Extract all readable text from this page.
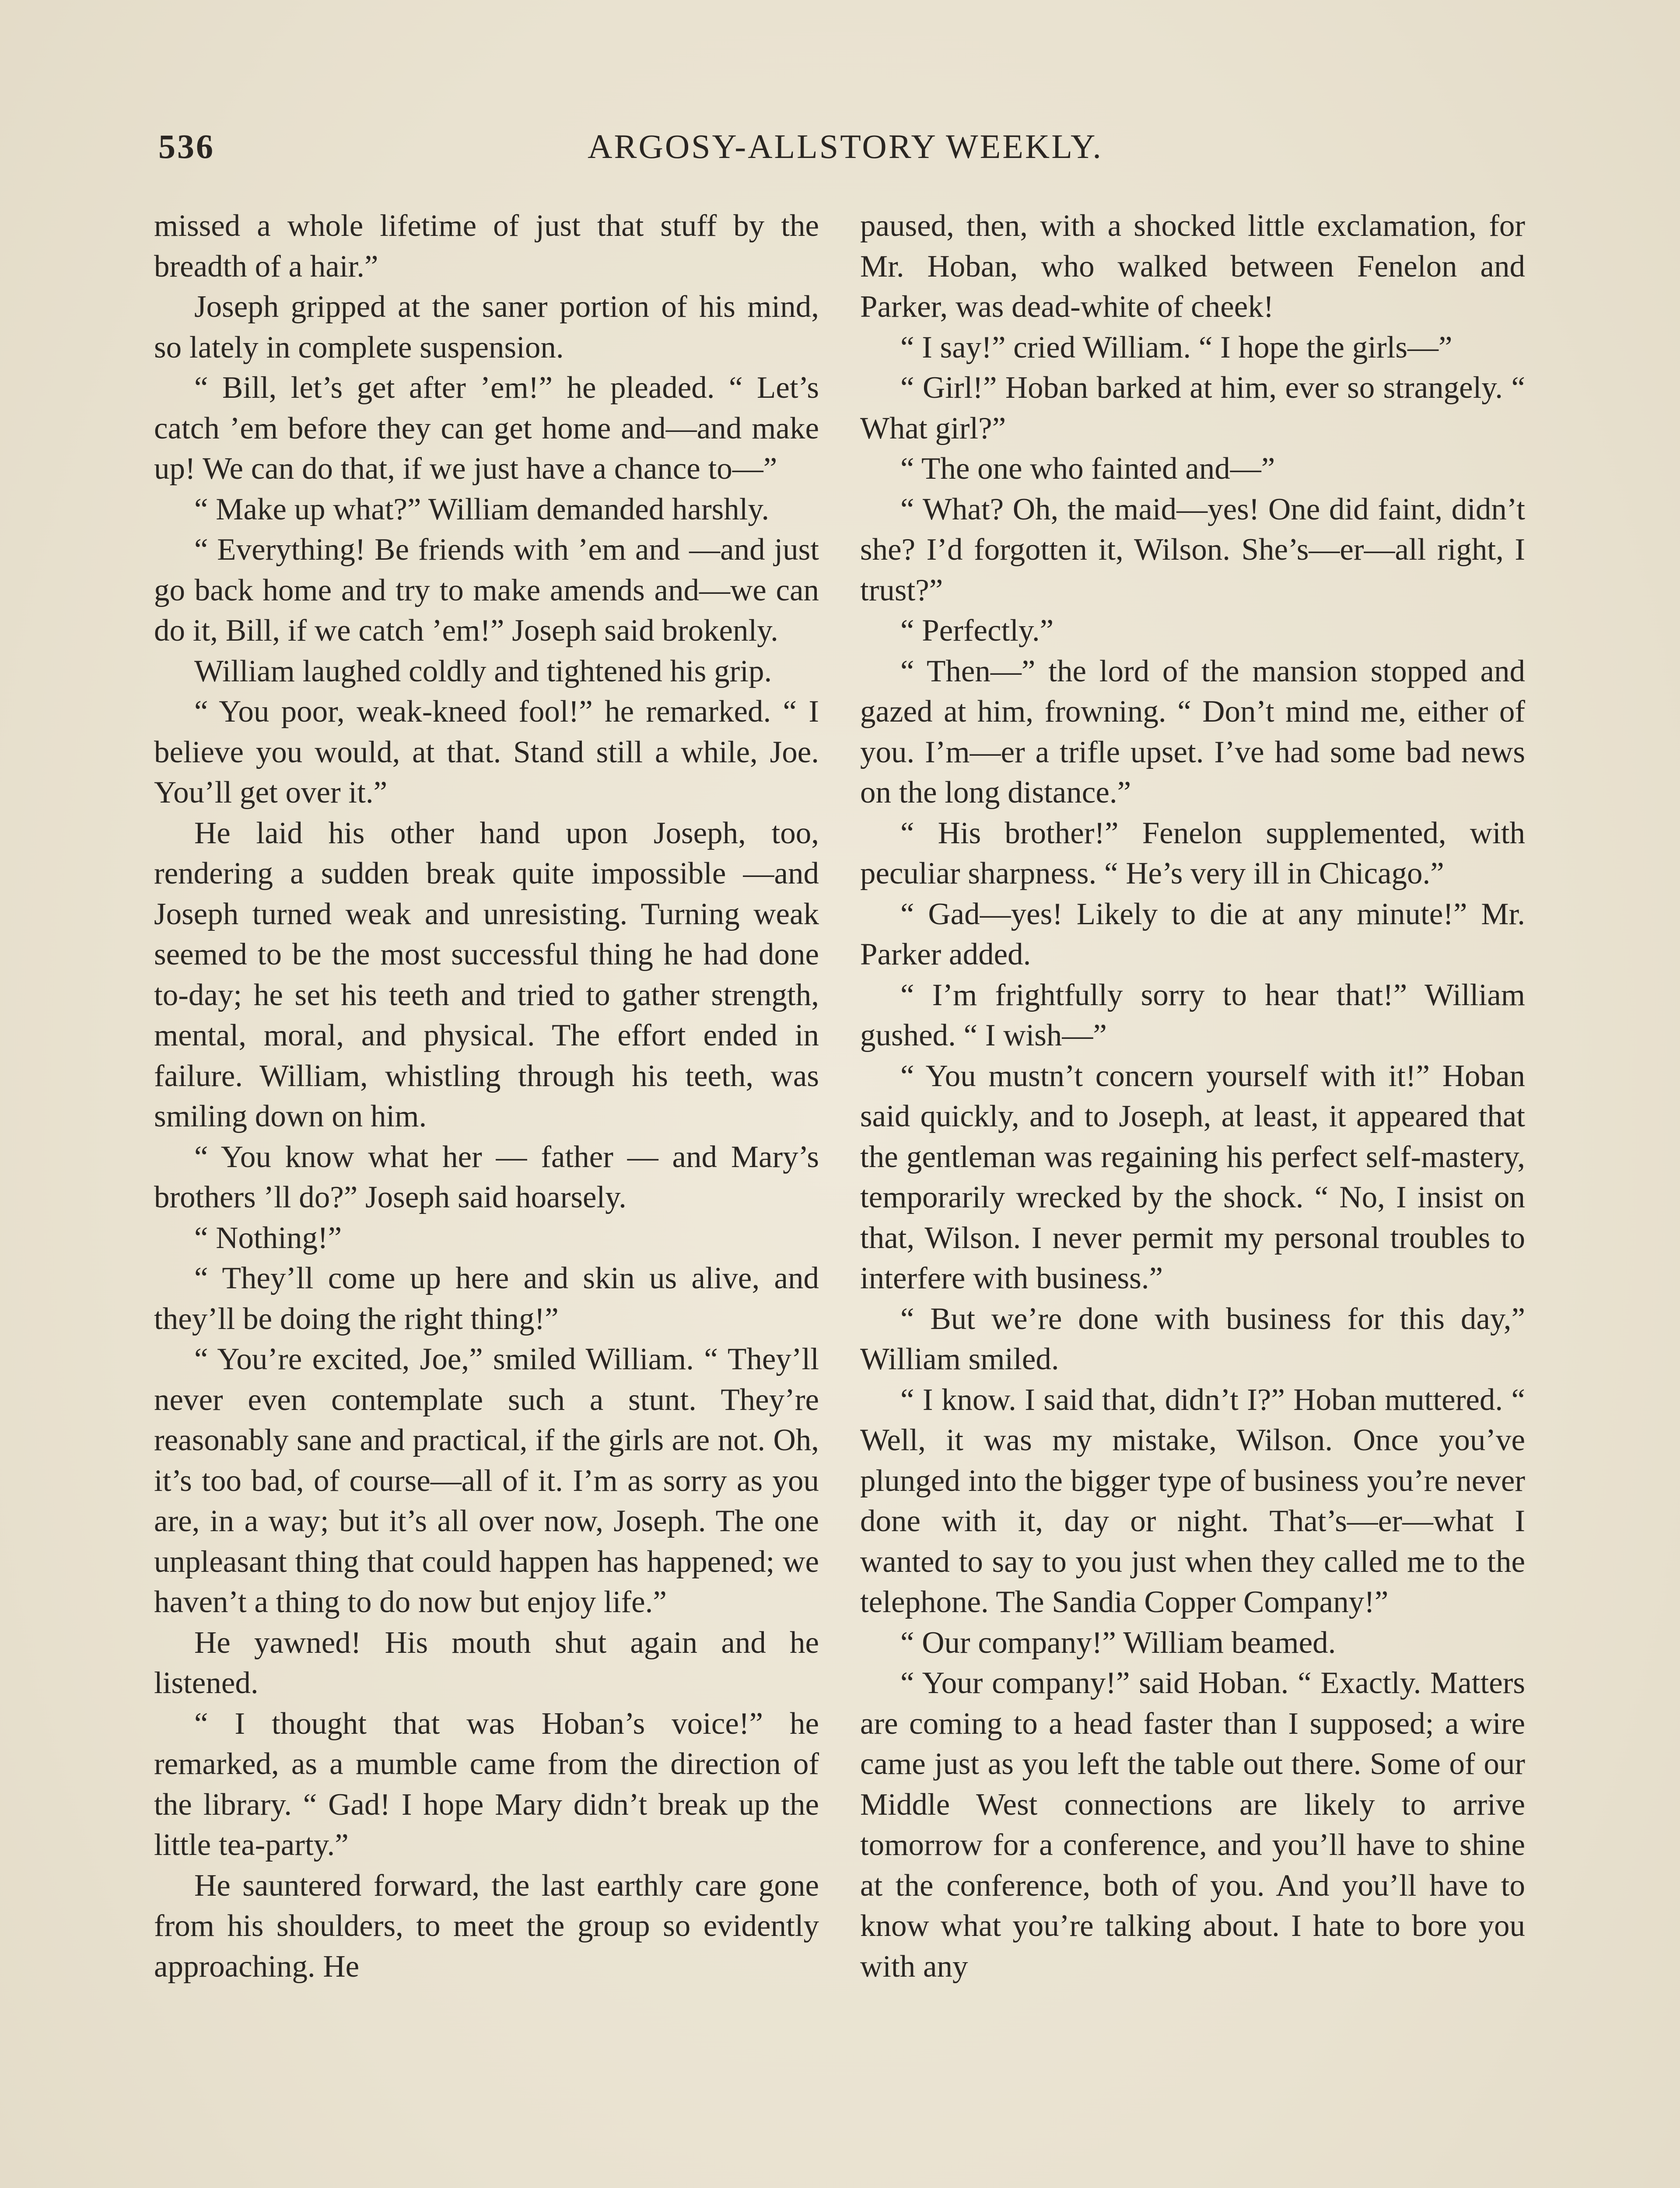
536	ARGOSY-ALLSTORY WEEKLY.

missed a whole lifetime of just that stuff by the breadth of a hair.”

Joseph gripped at the saner portion of his mind, so lately in complete suspension.

“ Bill, let’s get after ’em!” he pleaded. “ Let’s catch ’em before they can get home and—and make up! We can do that, if we just have a chance to—”

“ Make up what?” William demanded harshly.

“ Everything! Be friends with ’em and —and just go back home and try to make amends and—we can do it, Bill, if we catch ’em!” Joseph said brokenly.

William laughed coldly and tightened his grip.

“ You poor, weak-kneed fool!” he remarked. “ I believe you would, at that. Stand still a while, Joe. You’ll get over it.”

He laid his other hand upon Joseph, too, rendering a sudden break quite impossible —and Joseph turned weak and unresisting. Turning weak seemed to be the most successful thing he had done to-day; he set his teeth and tried to gather strength, mental, moral, and physical. The effort ended in failure. William, whistling through his teeth, was smiling down on him.

“ You know what her — father — and Mary’s brothers ’ll do?” Joseph said hoarsely.

“ Nothing!”

“ They’ll come up here and skin us alive, and they’ll be doing the right thing!”

“ You’re excited, Joe,” smiled William. “ They’ll never even contemplate such a stunt. They’re reasonably sane and practical, if the girls are not. Oh, it’s too bad, of course—all of it. I’m as sorry as you are, in a way; but it’s all over now, Joseph. The one unpleasant thing that could happen has happened; we haven’t a thing to do now but enjoy life.”

He yawned! His mouth shut again and he listened.

“ I thought that was Hoban’s voice!” he remarked, as a mumble came from the direction of the library. “ Gad! I hope Mary didn’t break up the little tea-party.”

He sauntered forward, the last earthly care gone from his shoulders, to meet the group so evidently approaching. He

paused, then, with a shocked little exclamation, for Mr. Hoban, who walked between Fenelon and Parker, was dead-white of cheek!

“ I say!” cried William. “ I hope the girls—”

“ Girl!” Hoban barked at him, ever so strangely. “ What girl?”

“ The one who fainted and—”

“ What? Oh, the maid—yes! One did faint, didn’t she? I’d forgotten it, Wilson. She’s—er—all right, I trust?”

“ Perfectly.”

“ Then—” the lord of the mansion stopped and gazed at him, frowning. “ Don’t mind me, either of you. I’m—er a trifle upset. I’ve had some bad news on the long distance.”

“ His brother!” Fenelon supplemented, with peculiar sharpness. “ He’s very ill in Chicago.”

“ Gad—yes! Likely to die at any minute!” Mr. Parker added.

“ I’m frightfully sorry to hear that!” William gushed. “ I wish—”

“ You mustn’t concern yourself with it!” Hoban said quickly, and to Joseph, at least, it appeared that the gentleman was regaining his perfect self-mastery, temporarily wrecked by the shock. “ No, I insist on that, Wilson. I never permit my personal troubles to interfere with business.”

“ But we’re done with business for this day,” William smiled.

“ I know. I said that, didn’t I?” Hoban muttered. “ Well, it was my mistake, Wilson. Once you’ve plunged into the bigger type of business you’re never done with it, day or night. That’s—er—what I wanted to say to you just when they called me to the telephone. The Sandia Copper Company!”

“ Our company!” William beamed.

“ Your company!” said Hoban. “ Exactly. Matters are coming to a head faster than I supposed; a wire came just as you left the table out there. Some of our Middle West connections are likely to arrive tomorrow for a conference, and you’ll have to shine at the conference, both of you. And you’ll have to know what you’re talking about. I hate to bore you with any
